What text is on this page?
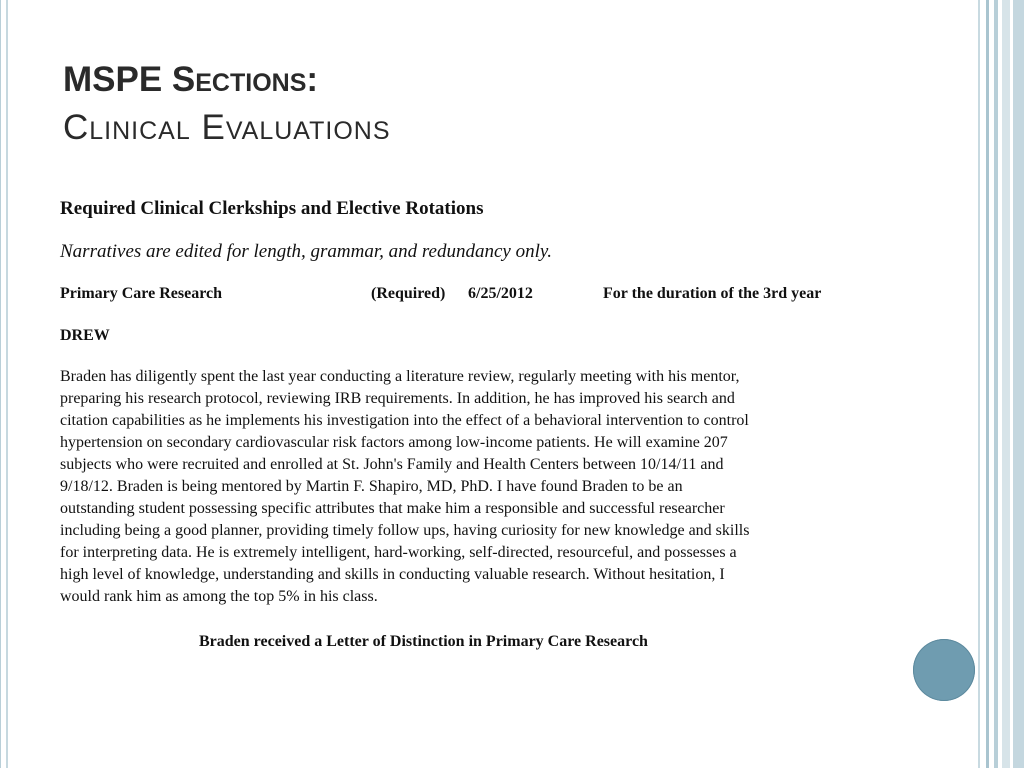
MSPE Sections:
Clinical Evaluations
Required Clinical Clerkships and Elective Rotations
Narratives are edited for length, grammar, and redundancy only.
Primary Care Research	(Required) 6/25/2012	For the duration of the 3rd year
DREW
Braden has diligently spent the last year conducting a literature review, regularly meeting with his mentor,
preparing his research protocol, reviewing IRB requirements. In addition, he has improved his search and
citation capabilities as he implements his investigation into the effect of a behavioral intervention to control
hypertension on secondary cardiovascular risk factors among low-income patients. He will examine 207
subjects who were recruited and enrolled at St. John's Family and Health Centers between 10/14/11 and
9/18/12. Braden is being mentored by Martin F. Shapiro, MD, PhD. I have found Braden to be an
outstanding student possessing specific attributes that make him a responsible and successful researcher
including being a good planner, providing timely follow ups, having curiosity for new knowledge and skills
for interpreting data. He is extremely intelligent, hard-working, self-directed, resourceful, and possesses a
high level of knowledge, understanding and skills in conducting valuable research. Without hesitation, I
would rank him as among the top 5% in his class.
Braden received a Letter of Distinction in Primary Care Research
